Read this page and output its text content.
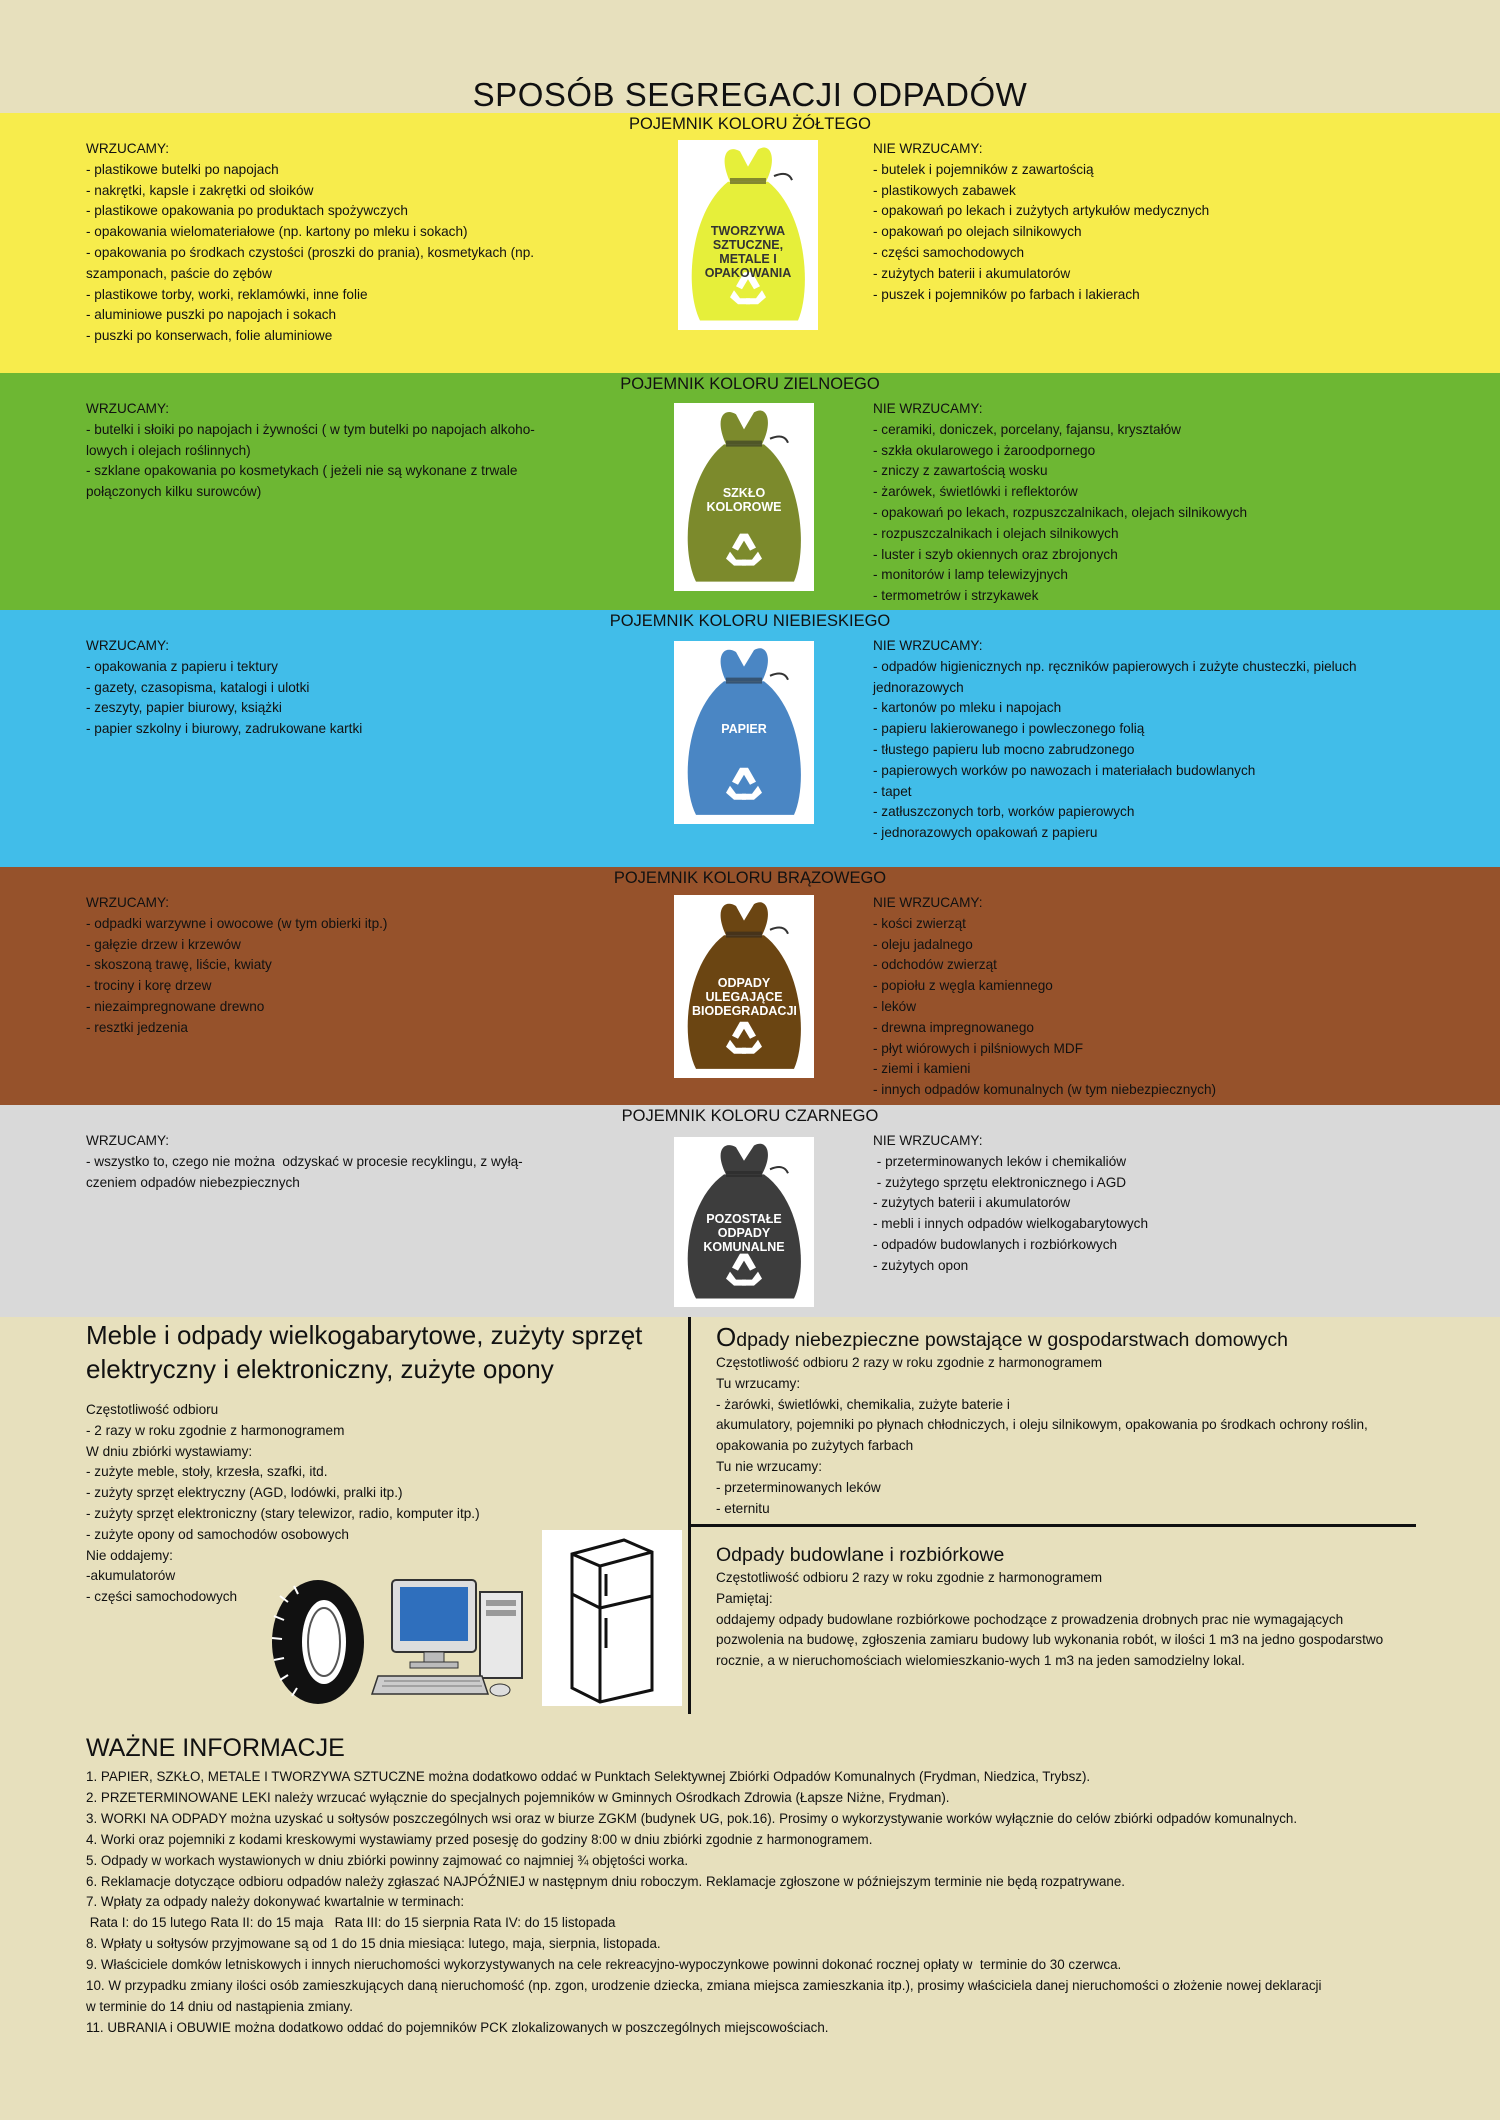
SPOSÓB SEGREGACJI ODPADÓW
POJEMNIK KOLORU ŻÓŁTEGO
WRZUCAMY:
- plastikowe butelki po napojach
- nakrętki, kapsle i zakrętki od słoików
- plastikowe opakowania po produktach spożywczych
- opakowania wielomateriałowe (np. kartony po mleku i sokach)
- opakowania po środkach czystości (proszki do prania), kosmetykach (np.
szamponach, paście do zębów
- plastikowe torby, worki, reklamówki, inne folie
- aluminiowe puszki po napojach i sokach
- puszki po konserwach, folie aluminiowe
NIE WRZUCAMY:
- butelek i pojemników z zawartością
- plastikowych zabawek
- opakowań po lekach i zużytych artykułów medycznych
- opakowań po olejach silnikowych
- części samochodowych
- zużytych baterii i akumulatorów
- puszek i pojemników po farbach i lakierach
TWORZYWA SZTUCZNE, METALE I OPAKOWANIA
POJEMNIK KOLORU ZIELNOEGO
WRZUCAMY:
- butelki i słoiki po napojach i żywności ( w tym butelki po napojach alkoho-
lowych i olejach roślinnych)
- szklane opakowania po kosmetykach ( jeżeli nie są wykonane z trwale
połączonych kilku surowców)
NIE WRZUCAMY:
- ceramiki, doniczek, porcelany, fajansu, kryształów
- szkła okularowego i żaroodpornego
- zniczy z zawartością wosku
- żarówek, świetlówki i reflektorów
- opakowań po lekach, rozpuszczalnikach, olejach silnikowych
- rozpuszczalnikach i olejach silnikowych
- luster i szyb okiennych oraz zbrojonych
- monitorów i lamp telewizyjnych
- termometrów i strzykawek
SZKŁO KOLOROWE
POJEMNIK KOLORU NIEBIESKIEGO
WRZUCAMY:
- opakowania z papieru i tektury
- gazety, czasopisma, katalogi i ulotki
- zeszyty, papier biurowy, książki
- papier szkolny i biurowy, zadrukowane kartki
NIE WRZUCAMY:
- odpadów higienicznych np. ręczników papierowych i zużyte chusteczki, pieluch
jednorazowych
- kartonów po mleku i napojach
- papieru lakierowanego i powleczonego folią
- tłustego papieru lub mocno zabrudzonego
- papierowych worków po nawozach i materiałach budowlanych
- tapet
- zatłuszczonych torb, worków papierowych
- jednorazowych opakowań z papieru
PAPIER
POJEMNIK KOLORU BRĄZOWEGO
WRZUCAMY:
- odpadki warzywne i owocowe (w tym obierki itp.)
- gałęzie drzew i krzewów
- skoszoną trawę, liście, kwiaty
- trociny i korę drzew
- niezaimpregnowane drewno
- resztki jedzenia
NIE WRZUCAMY:
- kości zwierząt
- oleju jadalnego
- odchodów zwierząt
- popiołu z węgla kamiennego
- leków
- drewna impregnowanego
- płyt wiórowych i pilśniowych MDF
- ziemi i kamieni
- innych odpadów komunalnych (w tym niebezpiecznych)
ODPADY ULEGAJĄCE BIODEGRADACJI
POJEMNIK KOLORU CZARNEGO
WRZUCAMY:
- wszystko to, czego nie można  odzyskać w procesie recyklingu, z wyłą-
czeniem odpadów niebezpiecznych
NIE WRZUCAMY:
- przeterminowanych leków i chemikaliów
- zużytego sprzętu elektronicznego i AGD
- zużytych baterii i akumulatorów
- mebli i innych odpadów wielkogabarytowych
- odpadów budowlanych i rozbiórkowych
- zużytych opon
POZOSTAŁE ODPADY KOMUNALNE
Meble i odpady wielkogabarytowe, zużyty sprzęt elektryczny i elektroniczny, zużyte opony
Częstotliwość odbioru
- 2 razy w roku zgodnie z harmonogramem
W dniu zbiórki wystawiamy:
- zużyte meble, stoły, krzesła, szafki, itd.
- zużyty sprzęt elektryczny (AGD, lodówki, pralki itp.)
- zużyty sprzęt elektroniczny (stary telewizor, radio, komputer itp.)
- zużyte opony od samochodów osobowych
Nie oddajemy:
-akumulatorów
- części samochodowych
Odpady niebezpieczne powstające w gospodarstwach domowych
Częstotliwość odbioru 2 razy w roku zgodnie z harmonogramem
Tu wrzucamy:
- żarówki, świetlówki, chemikalia, zużyte baterie i
akumulatory, pojemniki po płynach chłodniczych, i oleju silnikowym, opakowania po środkach ochrony roślin,
opakowania po zużytych farbach
Tu nie wrzucamy:
- przeterminowanych leków
- eternitu
Odpady budowlane i rozbiórkowe
Częstotliwość odbioru 2 razy w roku zgodnie z harmonogramem
Pamiętaj:
oddajemy odpady budowlane rozbiórkowe pochodzące z prowadzenia drobnych prac nie wymagających
pozwolenia na budowę, zgłoszenia zamiaru budowy lub wykonania robót, w ilości 1 m3 na jedno gospodarstwo
rocznie, a w nieruchomościach wielomieszkanio-wych 1 m3 na jeden samodzielny lokal.
WAŻNE INFORMACJE
1. PAPIER, SZKŁO, METALE I TWORZYWA SZTUCZNE można dodatkowo oddać w Punktach Selektywnej Zbiórki Odpadów Komunalnych (Frydman, Niedzica, Trybsz).
2. PRZETERMINOWANE LEKI należy wrzucać wyłącznie do specjalnych pojemników w Gminnych Ośrodkach Zdrowia (Łapsze Niżne, Frydman).
3. WORKI NA ODPADY można uzyskać u sołtysów poszczególnych wsi oraz w biurze ZGKM (budynek UG, pok.16). Prosimy o wykorzystywanie worków wyłącznie do celów zbiórki odpadów komunalnych.
4. Worki oraz pojemniki z kodami kreskowymi wystawiamy przed posesję do godziny 8:00 w dniu zbiórki zgodnie z harmonogramem.
5. Odpady w workach wystawionych w dniu zbiórki powinny zajmować co najmniej ¾ objętości worka.
6. Reklamacje dotyczące odbioru odpadów należy zgłaszać NAJPÓŹNIEJ w następnym dniu roboczym. Reklamacje zgłoszone w późniejszym terminie nie będą rozpatrywane.
7. Wpłaty za odpady należy dokonywać kwartalnie w terminach:
Rata I: do 15 lutego Rata II: do 15 maja   Rata III: do 15 sierpnia Rata IV: do 15 listopada
8. Wpłaty u sołtysów przyjmowane są od 1 do 15 dnia miesiąca: lutego, maja, sierpnia, listopada.
9. Właściciele domków letniskowych i innych nieruchomości wykorzystywanych na cele rekreacyjno-wypoczynkowe powinni dokonać rocznej opłaty w  terminie do 30 czerwca.
10. W przypadku zmiany ilości osób zamieszkujących daną nieruchomość (np. zgon, urodzenie dziecka, zmiana miejsca zamieszkania itp.), prosimy właściciela danej nieruchomości o złożenie nowej deklaracji
w terminie do 14 dniu od nastąpienia zmiany.
11. UBRANIA i OBUWIE można dodatkowo oddać do pojemników PCK zlokalizowanych w poszczególnych miejscowościach.
